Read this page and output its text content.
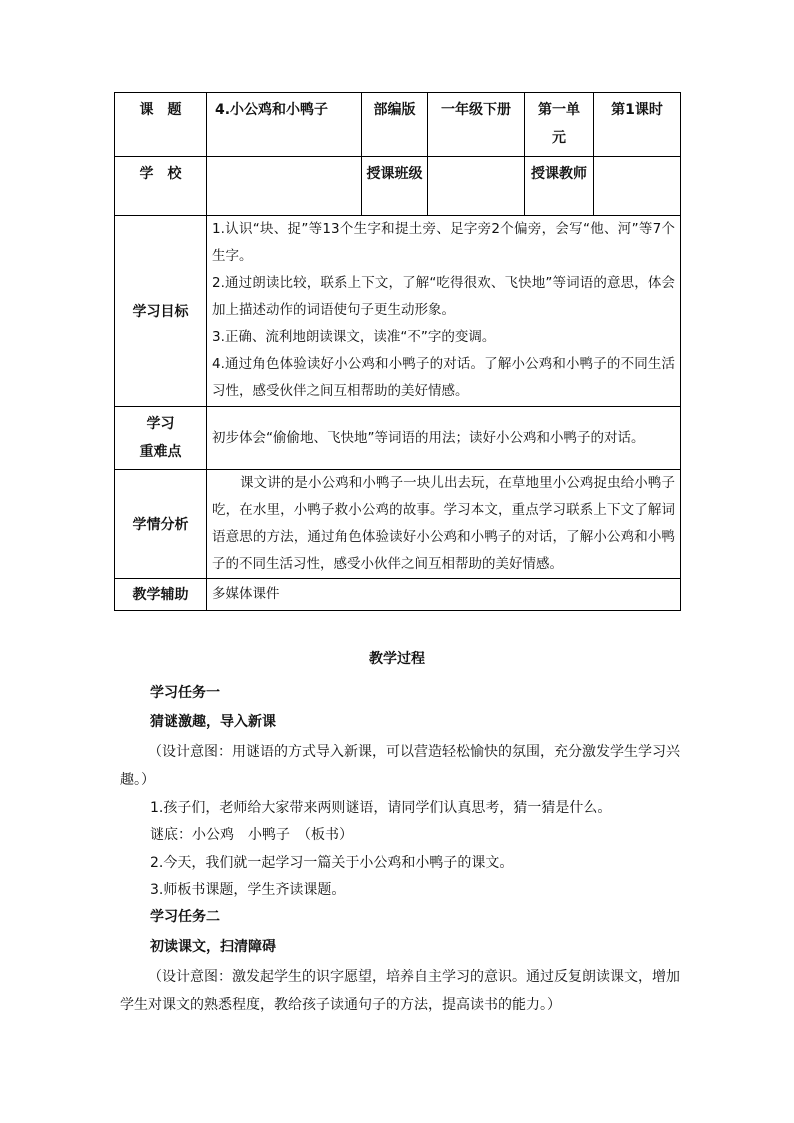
课　题	4.小公鸡和小鸭子	部编版	一年级下册	第一单元	第1课时
学　校		授课班级		授课教师	
学习目标	1.认识“块、捉”等13个生字和提土旁、足字旁2个偏旁，会写“他、河”等7个生字。

2.通过朗读比较，联系上下文，了解“吃得很欢、飞快地”等词语的意思，体会加上描述动作的词语使句子更生动形象。

3.正确、流利地朗读课文，读准“不”字的变调。

4.通过角色体验读好小公鸡和小鸭子的对话。了解小公鸡和小鸭子的不同生活习性，感受伙伴之间互相帮助的美好情感。				

学习
重难点	初步体会“偷偷地、飞快地”等词语的用法；读好小公鸡和小鸭子的对话。				
学情分析	课文讲的是小公鸡和小鸭子一块儿出去玩，在草地里小公鸡捉虫给小鸭子吃，在水里，小鸭子救小公鸡的故事。学习本文，重点学习联系上下文了解词语意思的方法，通过角色体验读好小公鸡和小鸭子的对话，了解小公鸡和小鸭子的不同生活习性，感受小伙伴之间互相帮助的美好情感。				

教学辅助	多媒体课件				
教学过程
学习任务一
猜谜激趣，导入新课
（设计意图：用谜语的方式导入新课，可以营造轻松愉快的氛围，充分激发学生学习兴趣。）
1.孩子们，老师给大家带来两则谜语，请同学们认真思考，猜一猜是什么。
谜底：小公鸡　小鸭子　（板书）
2.今天，我们就一起学习一篇关于小公鸡和小鸭子的课文。
3.师板书课题，学生齐读课题。
学习任务二
初读课文，扫清障碍
（设计意图：激发起学生的识字愿望，培养自主学习的意识。通过反复朗读课文，增加学生对课文的熟悉程度，教给孩子读通句子的方法，提高读书的能力。）
